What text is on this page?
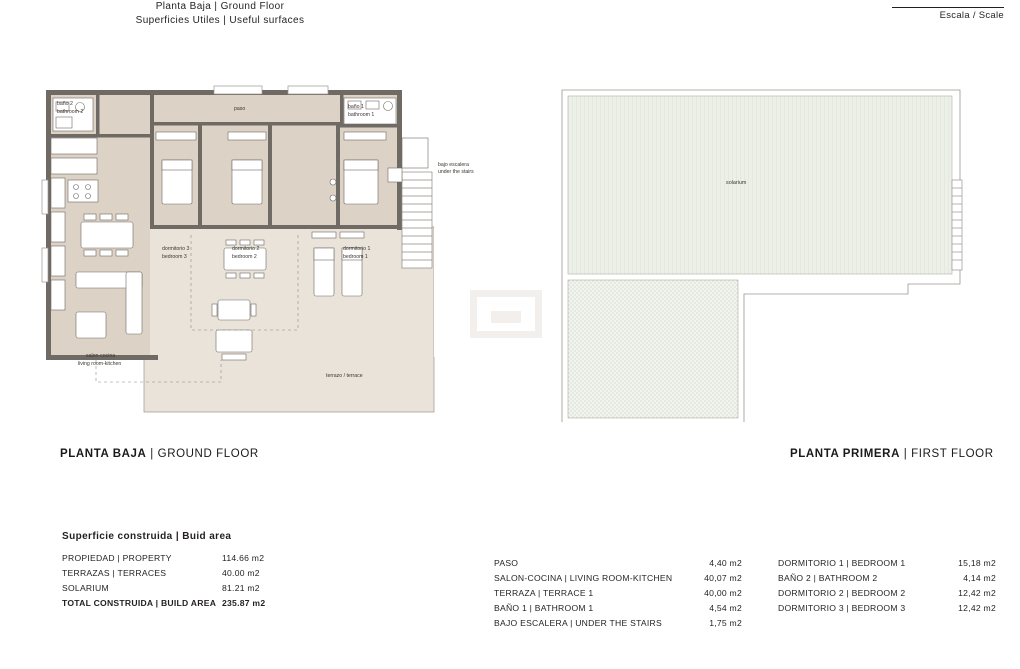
Escala / Scale
baño 2
bathroom 2	paso	baño 1
bathroom 1
bajo escalera
under the stairs
dormitorio 3
bedroom 3
dormitorio 2
bedroom 2
dormitorio 1
bedroom 1
salon-cocina
living room-kitchen
terrazo / terrace
solarium
PLANTA BAJA | GROUND FLOOR	PLANTA PRIMERA | FIRST FLOOR
Superficie construida | Buid area
PROPIEDAD | PROPERTY	114.66 m2
TERRAZAS | TERRACES	40.00 m2
SOLARIUM	81.21 m2
TOTAL CONSTRUIDA | BUILD AREA 235.87 m2
Planta Baja | Ground Floor
Superficies Utiles | Useful surfaces
PASO	4,40 m2
SALON-COCINA | LIVING ROOM-KITCHEN	40,07 m2
TERRAZA | TERRACE 1	40,00 m2
BAÑO 1 | BATHROOM 1	4,54 m2
BAJO ESCALERA | UNDER THE STAIRS	1,75 m2
DORMITORIO 1 | BEDROOM 1	15,18 m2
BAÑO 2 | BATHROOM 2	4,14 m2
DORMITORIO 2 | BEDROOM 2	12,42 m2
DORMITORIO 3 | BEDROOM 3	12,42 m2
